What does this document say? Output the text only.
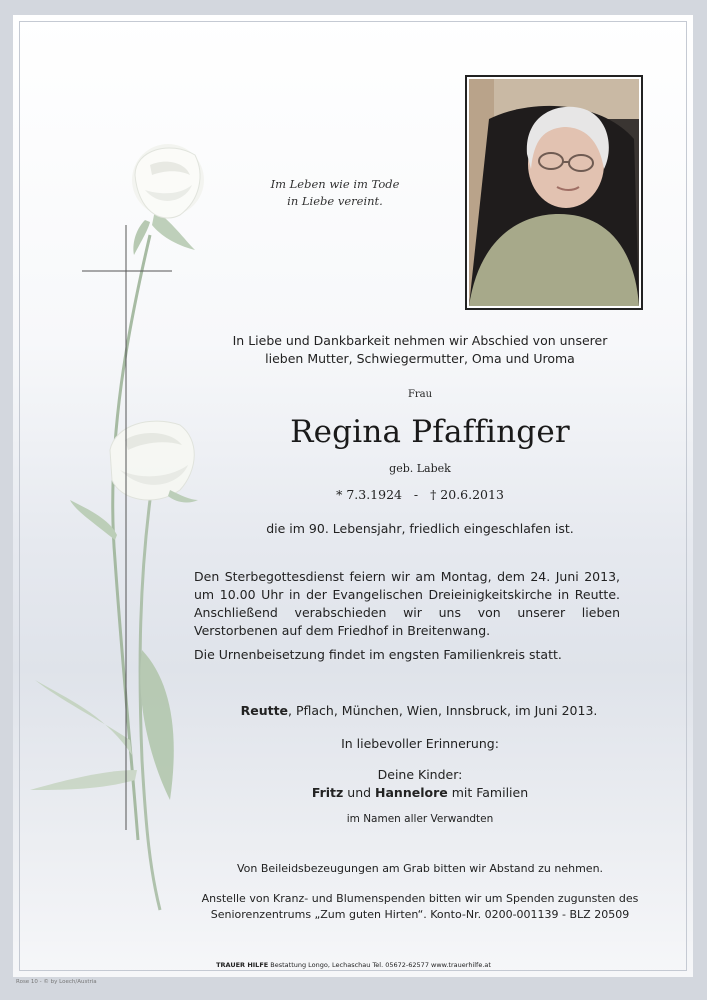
Im Leben wie im Tode
in Liebe vereint.
In Liebe und Dankbarkeit nehmen wir Abschied von unserer
lieben Mutter, Schwiegermutter, Oma und Uroma
Frau
Regina Pfaffinger
geb. Labek
* 7.3.1924 - † 20.6.2013
die im 90. Lebensjahr, friedlich eingeschlafen ist.
Den Sterbegottesdienst feiern wir am Montag, dem 24. Juni 2013, um 10.00 Uhr in der Evangelischen Dreieinigkeitskirche in Reutte. Anschließend verabschieden wir uns von unserer lieben Verstorbenen auf dem Friedhof in Breitenwang.
Die Urnenbeisetzung findet im engsten Familienkreis statt.
Reutte, Pflach, München, Wien, Innsbruck, im Juni 2013.
In liebevoller Erinnerung:
Deine Kinder:
Fritz und Hannelore mit Familien
im Namen aller Verwandten
Von Beileidsbezeugungen am Grab bitten wir Abstand zu nehmen.
Anstelle von Kranz- und Blumenspenden bitten wir um Spenden zugunsten des
Seniorenzentrums „Zum guten Hirten“. Konto-Nr. 0200-001139 - BLZ 20509
TRAUER HILFE Bestattung Longo, Lechaschau Tel. 05672-62577 www.trauerhilfe.at
Rose 10 - © by Loech/Austria
